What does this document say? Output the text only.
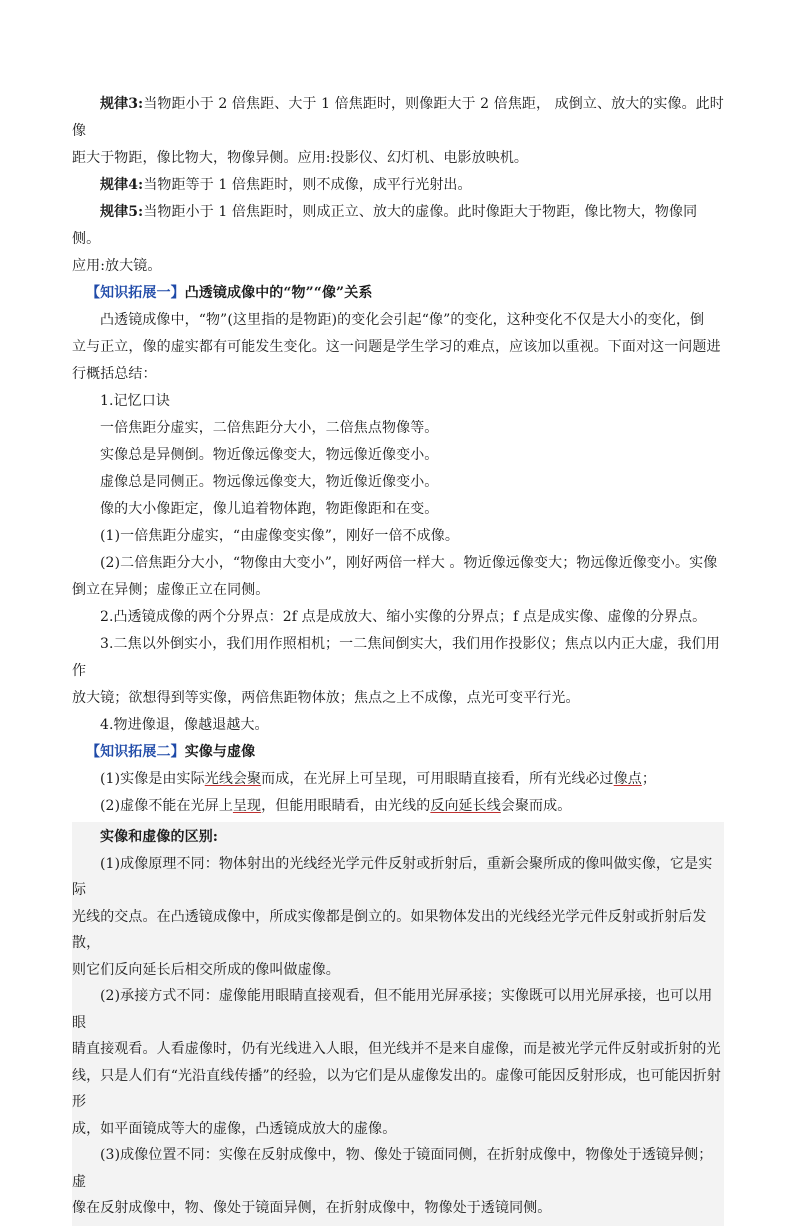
规律3:当物距小于 2 倍焦距、大于 1 倍焦距时，则像距大于 2 倍焦距， 成倒立、放大的实像。此时像

距大于物距，像比物大，物像异侧。应用:投影仪、幻灯机、电影放映机。

规律4:当物距等于 1 倍焦距时，则不成像，成平行光射出。

规律5:当物距小于 1 倍焦距时，则成正立、放大的虚像。此时像距大于物距，像比物大，物像同侧。

应用:放大镜。

【知识拓展一】凸透镜成像中的“物”“像”关系

凸透镜成像中，“物”(这里指的是物距)的变化会引起“像”的变化，这种变化不仅是大小的变化，倒

立与正立，像的虚实都有可能发生变化。这一问题是学生学习的难点，应该加以重视。下面对这一问题进

行概括总结：

1.记忆口诀

一倍焦距分虚实，二倍焦距分大小，二倍焦点物像等。

实像总是异侧倒。物近像远像变大，物远像近像变小。

虚像总是同侧正。物远像远像变大，物近像近像变小。

像的大小像距定，像儿追着物体跑，物距像距和在变。

(1)一倍焦距分虚实，“由虚像变实像”，刚好一倍不成像。

(2)二倍焦距分大小，“物像由大变小”，刚好两倍一样大 。物近像远像变大；物远像近像变小。实像

倒立在异侧；虚像正立在同侧。

2.凸透镜成像的两个分界点：2f 点是成放大、缩小实像的分界点；f 点是成实像、虚像的分界点。

3.二焦以外倒实小，我们用作照相机；一二焦间倒实大，我们用作投影仪；焦点以内正大虚，我们用作

放大镜；欲想得到等实像，两倍焦距物体放；焦点之上不成像，点光可变平行光。

4.物进像退，像越退越大。

【知识拓展二】实像与虚像

(1)实像是由实际光线会聚而成，在光屏上可呈现，可用眼睛直接看，所有光线必过像点；

(2)虚像不能在光屏上呈现，但能用眼睛看，由光线的反向延长线会聚而成。

实像和虚像的区别:

(1)成像原理不同：物体射出的光线经光学元件反射或折射后，重新会聚所成的像叫做实像，它是实际

光线的交点。在凸透镜成像中，所成实像都是倒立的。如果物体发出的光线经光学元件反射或折射后发散，

则它们反向延长后相交所成的像叫做虚像。

(2)承接方式不同：虚像能用眼睛直接观看，但不能用光屏承接；实像既可以用光屏承接，也可以用眼

睛直接观看。人看虚像时，仍有光线进入人眼，但光线并不是来自虚像，而是被光学元件反射或折射的光

线，只是人们有“光沿直线传播”的经验，以为它们是从虚像发出的。虚像可能因反射形成，也可能因折射形

成，如平面镜成等大的虚像，凸透镜成放大的虚像。

(3)成像位置不同：实像在反射成像中，物、像处于镜面同侧，在折射成像中，物像处于透镜异侧；虚

像在反射成像中，物、像处于镜面异侧，在折射成像中，物像处于透镜同侧。
